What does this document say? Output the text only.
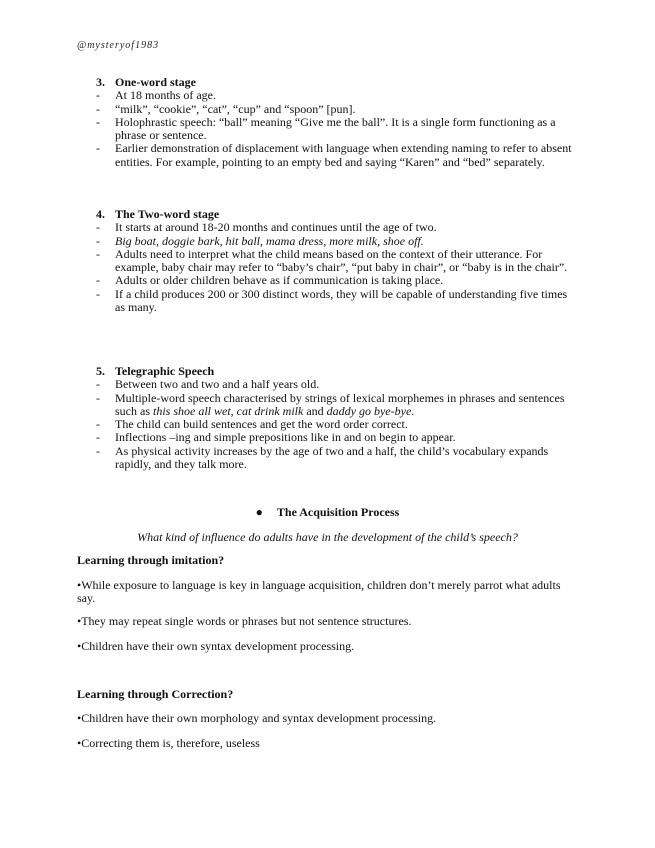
@mysteryof1983
3. One-word stage
- At 18 months of age.
- “milk”, “cookie”, “cat”, “cup” and “spoon” [pun].
- Holophrastic speech: “ball” meaning “Give me the ball”. It is a single form functioning as a phrase or sentence.
- Earlier demonstration of displacement with language when extending naming to refer to absent entities. For example, pointing to an empty bed and saying “Karen” and “bed” separately.
4. The Two-word stage
- It starts at around 18-20 months and continues until the age of two.
- Big boat, doggie bark, hit ball, mama dress, more milk, shoe off.
- Adults need to interpret what the child means based on the context of their utterance. For example, baby chair may refer to “baby’s chair”, “put baby in chair”, or “baby is in the chair”.
- Adults or older children behave as if communication is taking place.
- If a child produces 200 or 300 distinct words, they will be capable of understanding five times as many.
5. Telegraphic Speech
- Between two and two and a half years old.
- Multiple-word speech characterised by strings of lexical morphemes in phrases and sentences such as this shoe all wet, cat drink milk and daddy go bye-bye.
- The child can build sentences and get the word order correct.
- Inflections –ing and simple prepositions like in and on begin to appear.
- As physical activity increases by the age of two and a half, the child’s vocabulary expands rapidly, and they talk more.
● The Acquisition Process
What kind of influence do adults have in the development of the child’s speech?
Learning through imitation?
•While exposure to language is key in language acquisition, children don’t merely parrot what adults say.
•They may repeat single words or phrases but not sentence structures.
•Children have their own syntax development processing.
Learning through Correction?
•Children have their own morphology and syntax development processing.
•Correcting them is, therefore, useless
